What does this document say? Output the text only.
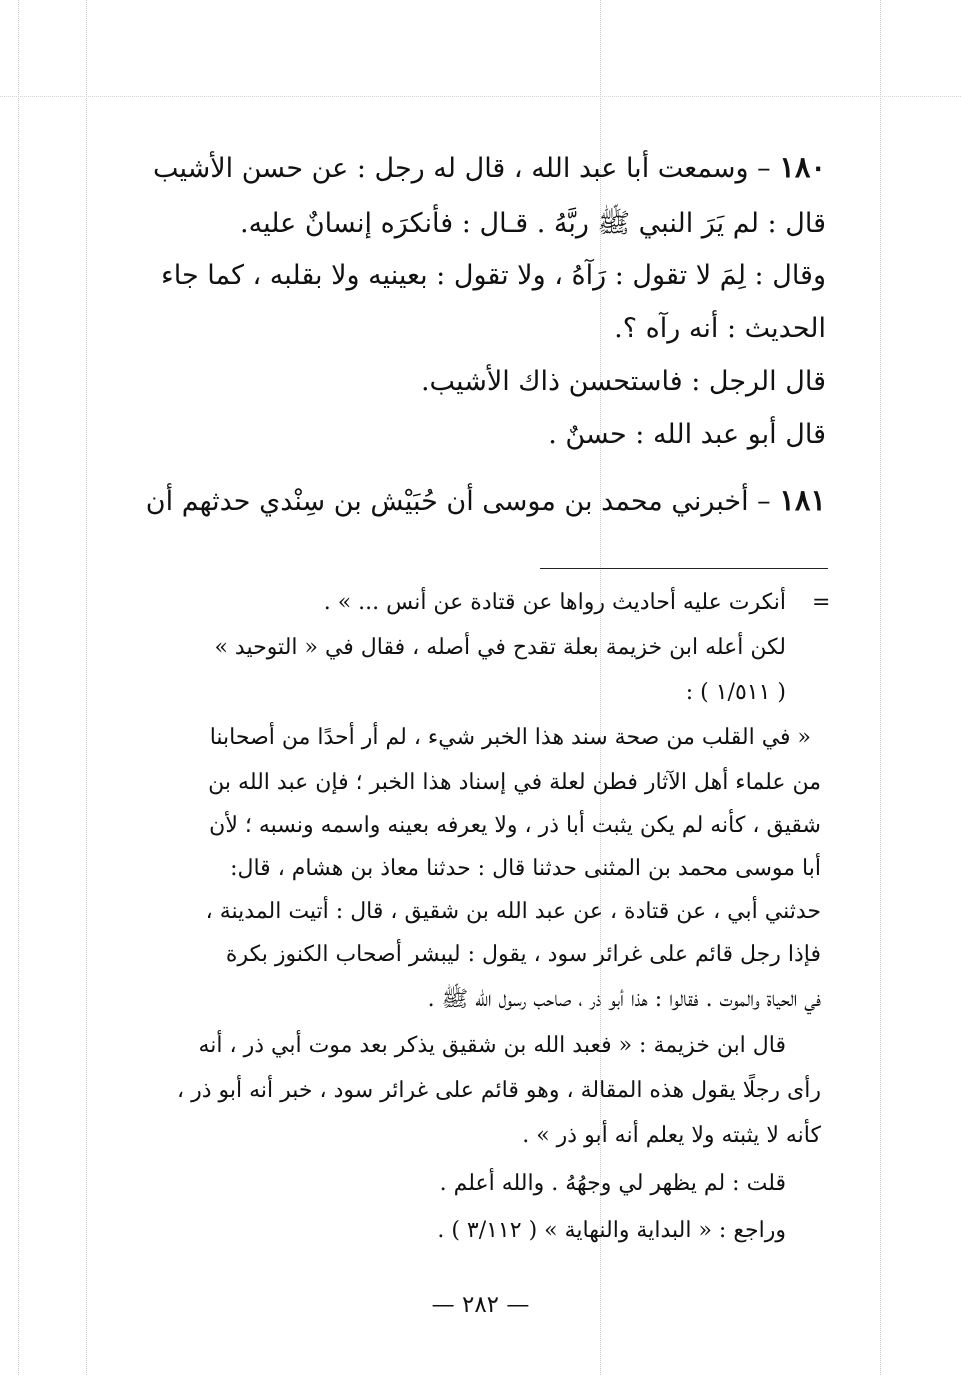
١٨٠ – وسمعت أبا عبد الله ، قال له رجل : عن حسن الأشيب
قال : لم يَرَ النبي ﷺ ربَّهُ . قـال : فأنكرَه إنسانٌ عليه.
وقال : لِمَ لا تقول : رَآهُ ، ولا تقول : بعينيه ولا بقلبه ، كما جاء
الحديث : أنه رآه ؟.
قال الرجل : فاستحسن ذاك الأشيب.
قال أبو عبد الله : حسنٌ .
١٨١ – أخبرني محمد بن موسى أن حُبَيْش بن سِنْدي حدثهم أن
=
أنكرت عليه أحاديث رواها عن قتادة عن أنس ... » .
لكن أعله ابن خزيمة بعلة تقدح في أصله ، فقال في « التوحيد »
( ١/٥١١ ) :
« في القلب من صحة سند هذا الخبر شيء ، لم أر أحدًا من أصحابنا
من علماء أهل الآثار فطن لعلة في إسناد هذا الخبر ؛ فإن عبد الله بن
شقيق ، كأنه لم يكن يثبت أبا ذر ، ولا يعرفه بعينه واسمه ونسبه ؛ لأن
أبا موسى محمد بن المثنى حدثنا قال : حدثنا معاذ بن هشام ، قال:
حدثني أبي ، عن قتادة ، عن عبد الله بن شقيق ، قال : أتيت المدينة ،
فإذا رجل قائم على غرائر سود ، يقول : ليبشر أصحاب الكنوز بكرة
في الحياة والموت . فقالوا : هذا أبو ذر ، صاحب رسول الله ﷺ .
قال ابن خزيمة : « فعبد الله بن شقيق يذكر بعد موت أبي ذر ، أنه
رأى رجلًا يقول هذه المقالة ، وهو قائم على غرائر سود ، خبر أنه أبو ذر ،
كأنه لا يثبته ولا يعلم أنه أبو ذر » .
قلت : لم يظهر لي وجهُهُ . والله أعلم .
وراجع : « البداية والنهاية » ( ٣/١١٢ ) .
— ٢٨٢ —
